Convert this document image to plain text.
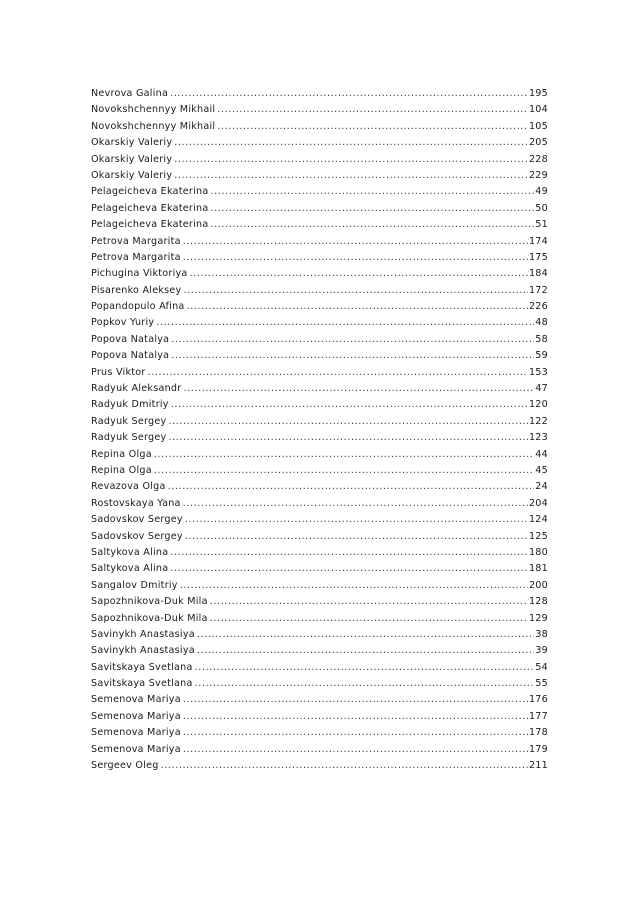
Nevrova Galina .....	195
Novokshchennyy Mikhail .....	104
Novokshchennyy Mikhail .....	105
Okarskiy Valeriy .....	205
Okarskiy Valeriy .....	228
Okarskiy Valeriy .....	229
Pelageicheva Ekaterina .....	49
Pelageicheva Ekaterina .....	50
Pelageicheva Ekaterina .....	51
Petrova Margarita .....	174
Petrova Margarita .....	175
Pichugina Viktoriya .....	184
Pisarenko Aleksey .....	172
Popandopulo Afina .....	226
Popkov Yuriy .....	48
Popova Natalya .....	58
Popova Natalya .....	59
Prus Viktor .....	153
Radyuk Aleksandr .....	47
Radyuk Dmitriy .....	120
Radyuk Sergey .....	122
Radyuk Sergey .....	123
Repina Olga .....	44
Repina Olga .....	45
Revazova Olga .....	24
Rostovskaya Yana .....	204
Sadovskov Sergey .....	124
Sadovskov Sergey .....	125
Saltykova Alina .....	180
Saltykova Alina .....	181
Sangalov Dmitriy .....	200
Sapozhnikova-Duk Mila .....	128
Sapozhnikova-Duk Mila .....	129
Savinykh Anastasiya .....	38
Savinykh Anastasiya .....	39
Savitskaya Svetlana .....	54
Savitskaya Svetlana .....	55
Semenova Mariya .....	176
Semenova Mariya .....	177
Semenova Mariya .....	178
Semenova Mariya .....	179
Sergeev Oleg .....	211
